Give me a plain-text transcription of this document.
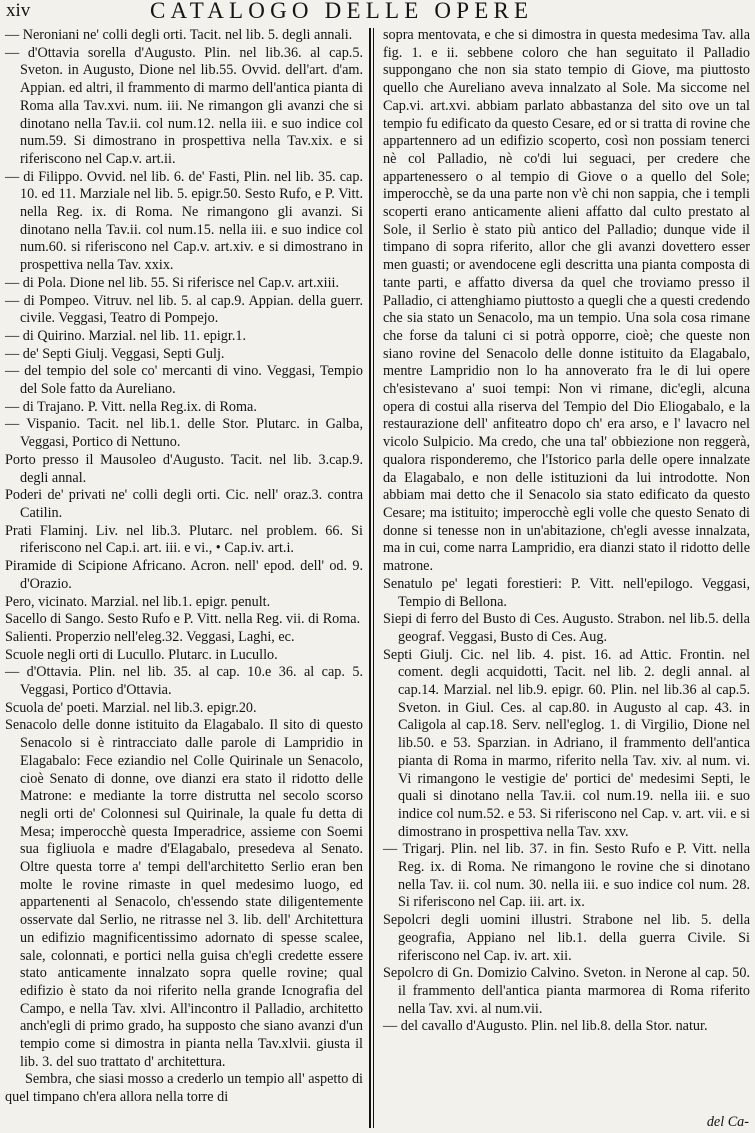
xiv	CATALOGO DELLE OPERE

— Neroniani ne' colli degli orti. Tacit. nel lib. 5. degli annali.

— d'Ottavia sorella d'Augusto. Plin. nel lib.36. al cap.5. Sveton. in Augusto, Dione nel lib.55. Ovvid. dell'art. d'am. Appian. ed altri, il frammento di marmo dell'antica pianta di Roma alla Tav.xvi. num. iii. Ne rimangon gli avanzi che si dinotano nella Tav.ii. col num.12. nella iii. e suo indice col num.59. Si dimostrano in prospettiva nella Tav.xix. e si riferiscono nel Cap.v. art.ii.

— di Filippo. Ovvid. nel lib. 6. de' Fasti, Plin. nel lib. 35. cap. 10. ed 11. Marziale nel lib. 5. epigr.50. Sesto Rufo, e P. Vitt. nella Reg. ix. di Roma. Ne rimangono gli avanzi. Si dinotano nella Tav.ii. col num.15. nella iii. e suo indice col num.60. si riferiscono nel Cap.v. art.xiv. e si dimostrano in prospettiva nella Tav. xxix.

— di Pola. Dione nel lib. 55. Si riferisce nel Cap.v. art.xiii.

— di Pompeo. Vitruv. nel lib. 5. al cap.9. Appian. della guerr. civile. Veggasi, Teatro di Pompejo.

— di Quirino. Marzial. nel lib. 11. epigr.1.

— de' Septi Giulj. Veggasi, Septi Gulj.

— del tempio del sole co' mercanti di vino. Veggasi, Tempio del Sole fatto da Aureliano.

— di Trajano. P. Vitt. nella Reg.ix. di Roma.

— Vispanio. Tacit. nel lib.1. delle Stor. Plutarc. in Galba, Veggasi, Portico di Nettuno.

Porto presso il Mausoleo d'Augusto. Tacit. nel lib. 3.cap.9. degli annal.

Poderi de' privati ne' colli degli orti. Cic. nell' oraz.3. contra Catilin.

Prati Flaminj. Liv. nel lib.3. Plutarc. nel problem. 66. Si riferiscono nel Cap.i. art. iii. e vi., • Cap.iv. art.i.

Piramide di Scipione Africano. Acron. nell' epod. dell' od. 9. d'Orazio.

Pero, vicinato. Marzial. nel lib.1. epigr. penult.

Sacello di Sango. Sesto Rufo e P. Vitt. nella Reg. vii. di Roma.

Salienti. Properzio nell'eleg.32. Veggasi, Laghi, ec.

Scuole negli orti di Lucullo. Plutarc. in Lucullo.

— d'Ottavia. Plin. nel lib. 35. al cap. 10.e 36. al cap. 5. Veggasi, Portico d'Ottavia.

Scuola de' poeti. Marzial. nel lib.3. epigr.20.

Senacolo delle donne istituito da Elagabalo. Il sito di questo Senacolo si è rintracciato dalle parole di Lampridio in Elagabalo: Fece eziandio nel Colle Quirinale un Senacolo, cioè Senato di donne, ove dianzi era stato il ridotto delle Matrone: e mediante la torre distrutta nel secolo scorso negli orti de' Colonnesi sul Quirinale, la quale fu detta di Mesa; imperocchè questa Imperadrice, assieme con Soemi sua figliuola e madre d'Elagabalo, presedeva al Senato. Oltre questa torre a' tempi dell'architetto Serlio eran ben molte le rovine rimaste in quel medesimo luogo, ed appartenenti al Senacolo, ch'essendo state diligentemente osservate dal Serlio, ne ritrasse nel 3. lib. dell' Architettura un edifizio magnificentissimo adornato di spesse scalee, sale, colonnati, e portici nella guisa ch'egli credette essere stato anticamente innalzato sopra quelle rovine; qual edifizio è stato da noi riferito nella grande Icnografia del Campo, e nella Tav. xlvi. All'incontro il Palladio, architetto anch'egli di primo grado, ha supposto che siano avanzi d'un tempio come si dimostra in pianta nella Tav.xlvii. giusta il lib. 3. del suo trattato d' architettura.

Sembra, che siasi mosso a crederlo un tempio all' aspetto di quel timpano ch'era allora nella torre di

sopra mentovata, e che si dimostra in questa medesima Tav. alla fig. 1. e ii. sebbene coloro che han seguitato il Palladio suppongano che non sia stato tempio di Giove, ma piuttosto quello che Aureliano aveva innalzato al Sole. Ma siccome nel Cap.vi. art.xvi. abbiam parlato abbastanza del sito ove un tal tempio fu edificato da questo Cesare, ed or si tratta di rovine che appartennero ad un edifizio scoperto, così non possiam tenerci nè col Palladio, nè co'di lui seguaci, per credere che appartenessero o al tempio di Giove o a quello del Sole; imperocchè, se da una parte non v'è chi non sappia, che i templi scoperti erano anticamente alieni affatto dal culto prestato al Sole, il Serlio è stato più antico del Palladio; dunque vide il timpano di sopra riferito, allor che gli avanzi dovettero esser men guasti; or avendocene egli descritta una pianta composta di tante parti, e affatto diversa da quel che troviamo presso il Palladio, ci attenghiamo piuttosto a quegli che a questi credendo che sia stato un Senacolo, ma un tempio. Una sola cosa rimane che forse da taluni ci si potrà opporre, cioè; che queste non siano rovine del Senacolo delle donne istituito da Elagabalo, mentre Lampridio non lo ha annoverato fra le di lui opere ch'esistevano a' suoi tempi: Non vi rimane, dic'egli, alcuna opera di costui alla riserva del Tempio del Dio Eliogabalo, e la restaurazione dell' anfiteatro dopo ch' era arso, e l' lavacro nel vicolo Sulpicio. Ma credo, che una tal' obbiezione non reggerà, qualora risponderemo, che l'Istorico parla delle opere innalzate da Elagabalo, e non delle istituzioni da lui introdotte. Non abbiam mai detto che il Senacolo sia stato edificato da questo Cesare; ma istituito; imperocchè egli volle che questo Senato di donne si tenesse non in un'abitazione, ch'egli avesse innalzata, ma in cui, come narra Lampridio, era dianzi stato il ridotto delle matrone.

Senatulo pe' legati forestieri: P. Vitt. nell'epilogo. Veggasi, Tempio di Bellona.

Siepi di ferro del Busto di Ces. Augusto. Strabon. nel lib.5. della geograf. Veggasi, Busto di Ces. Aug.

Septi Giulj. Cic. nel lib. 4. pist. 16. ad Attic. Frontin. nel coment. degli acquidotti, Tacit. nel lib. 2. degli annal. al cap.14. Marzial. nel lib.9. epigr. 60. Plin. nel lib.36 al cap.5. Sveton. in Giul. Ces. al cap.80. in Augusto al cap. 43. in Caligola al cap.18. Serv. nell'eglog. 1. di Virgilio, Dione nel lib.50. e 53. Sparzian. in Adriano, il frammento dell'antica pianta di Roma in marmo, riferito nella Tav. xiv. al num. vi. Vi rimangono le vestigie de' portici de' medesimi Septi, le quali si dinotano nella Tav.ii. col num.19. nella iii. e suo indice col num.52. e 53. Si riferiscono nel Cap. v. art. vii. e si dimostrano in prospettiva nella Tav. xxv.

— Trigarj. Plin. nel lib. 37. in fin. Sesto Rufo e P. Vitt. nella Reg. ix. di Roma. Ne rimangono le rovine che si dinotano nella Tav. ii. col num. 30. nella iii. e suo indice col num. 28. Si riferiscono nel Cap. iii. art. ix.

Sepolcri degli uomini illustri. Strabone nel lib. 5. della geografia, Appiano nel lib.1. della guerra Civile. Si riferiscono nel Cap. iv. art. xii.

Sepolcro di Gn. Domizio Calvino. Sveton. in Nerone al cap. 50. il frammento dell'antica pianta marmorea di Roma riferito nella Tav. xvi. al num.vii.

— del cavallo d'Augusto. Plin. nel lib.8. della Stor. natur.

del Ca-
